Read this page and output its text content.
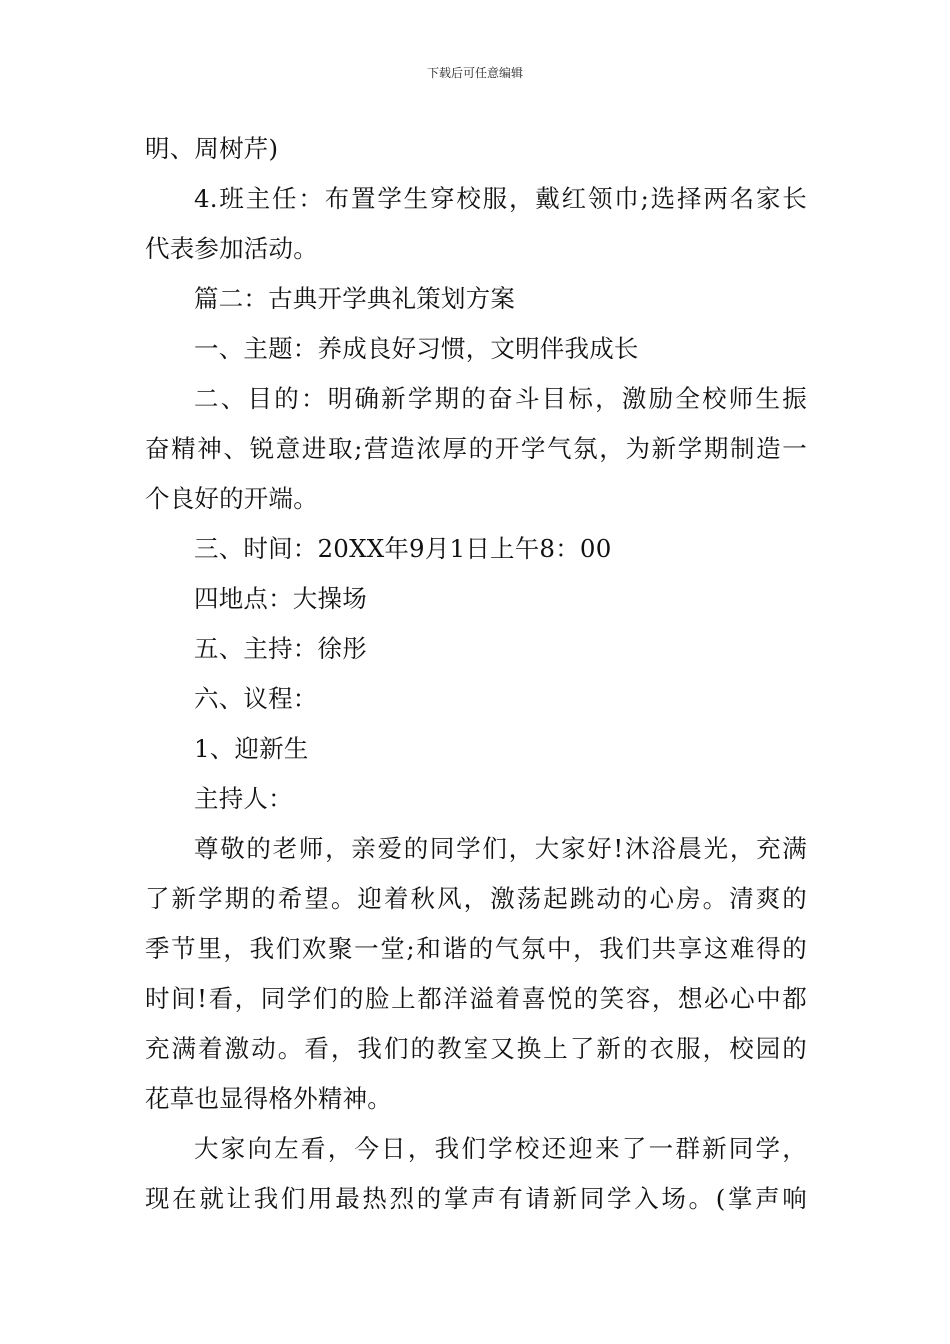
下载后可任意编辑
明、周树芹)
4.班主任：布置学生穿校服，戴红领巾;选择两名家长
代表参加活动。
篇二：古典开学典礼策划方案
一、主题：养成良好习惯，文明伴我成长
二、目的：明确新学期的奋斗目标，激励全校师生振
奋精神、锐意进取;营造浓厚的开学气氛，为新学期制造一
个良好的开端。
三、时间：20XX年9月1日上午8：00
四地点：大操场
五、主持：徐彤
六、议程：
1、迎新生
主持人：
尊敬的老师，亲爱的同学们，大家好!沐浴晨光，充满
了新学期的希望。迎着秋风，激荡起跳动的心房。清爽的
季节里，我们欢聚一堂;和谐的气氛中，我们共享这难得的
时间!看，同学们的脸上都洋溢着喜悦的笑容，想必心中都
充满着激动。看，我们的教室又换上了新的衣服，校园的
花草也显得格外精神。
大家向左看，今日，我们学校还迎来了一群新同学，
现在就让我们用最热烈的掌声有请新同学入场。(掌声响
